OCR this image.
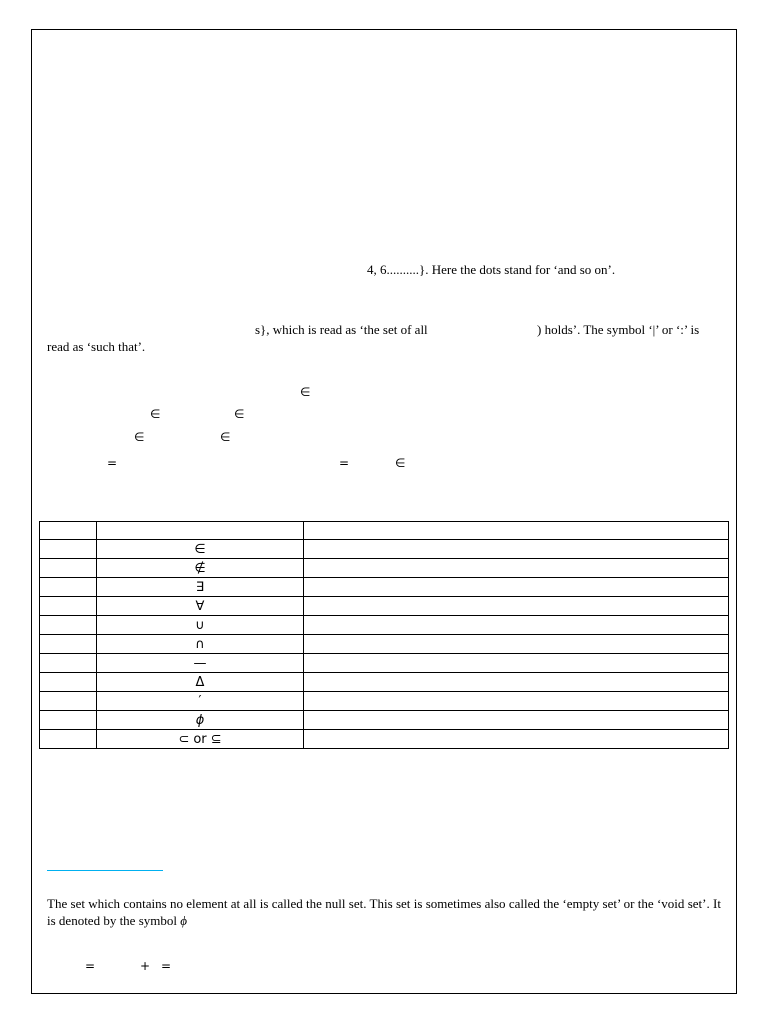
4, 6..........}. Here the dots stand for ‘and so on’.
s}, which is read as ‘the set of all	) holds’. The symbol ‘|’ or ‘:’ is
read as ‘such that’.
∈
∈	∈
∈	∈
=	=	∈

	∈	
	∉	
	∃	
	∀	
	∪	
	∩	
	—	
	Δ	
	′	
	ϕ	
	⊂ or ⊆	
The set which contains no element at all is called the null set. This set is sometimes also called the ‘empty set’ or the ‘void set’. It is denoted by the symbol ϕ
=	+ =
